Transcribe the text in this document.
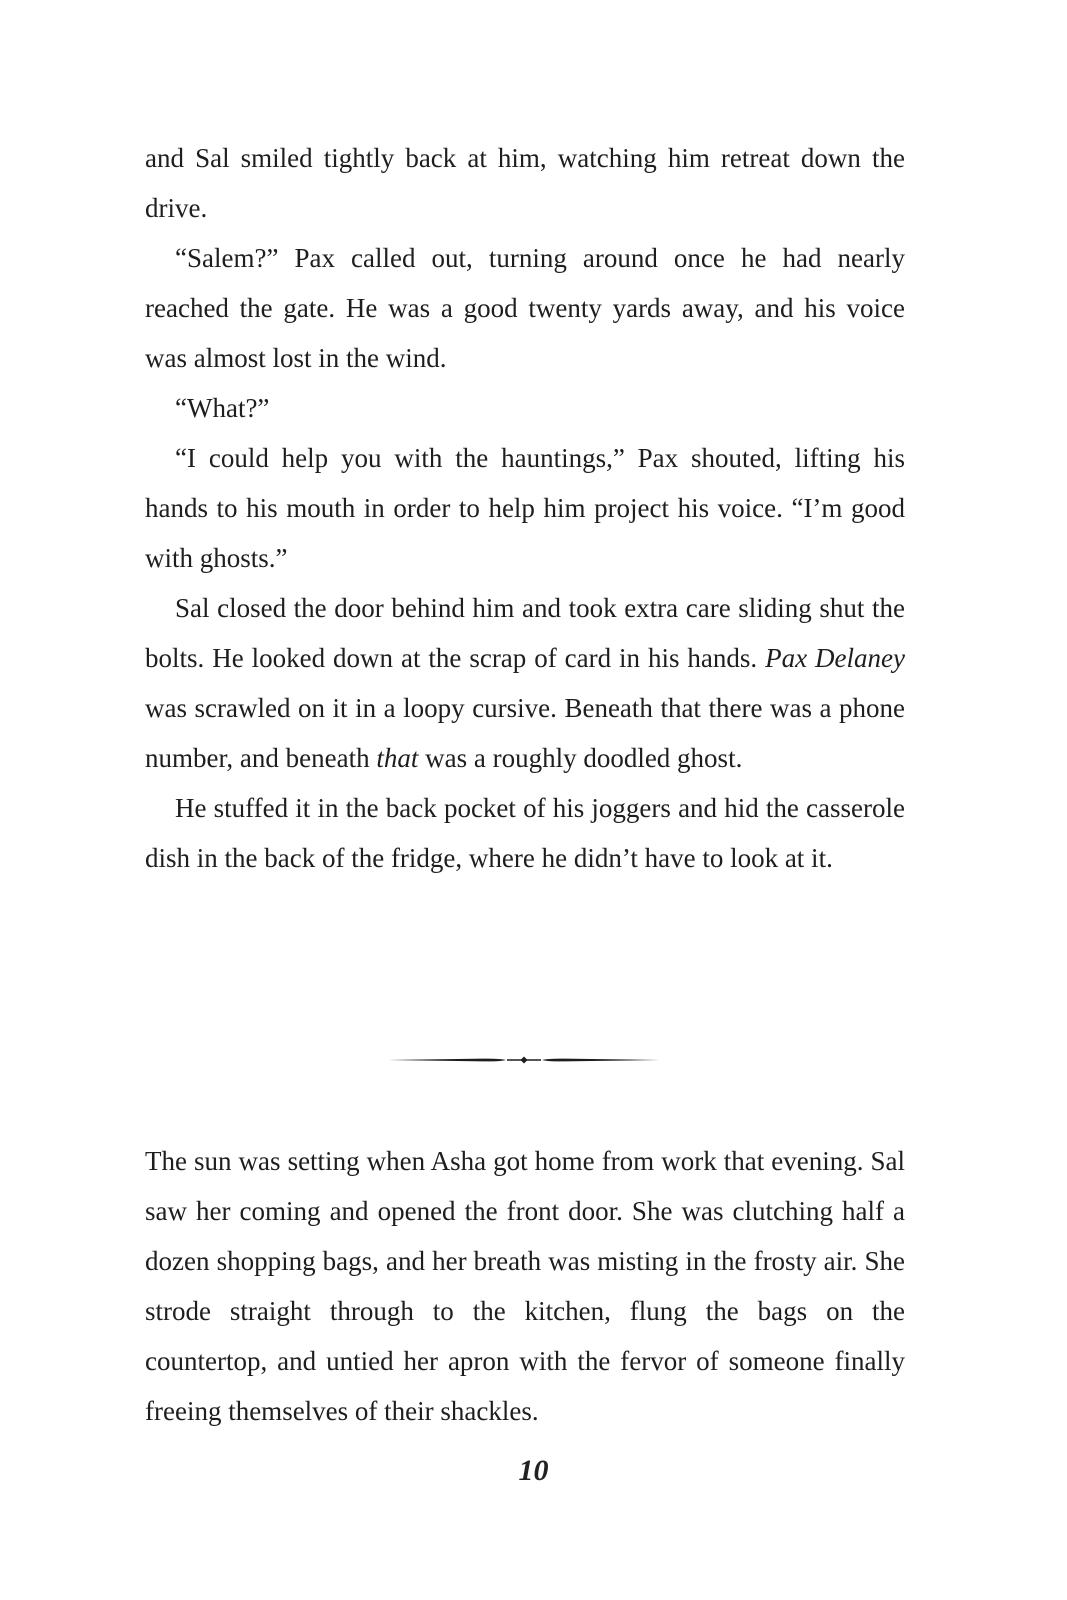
and Sal smiled tightly back at him, watching him retreat down the drive.

“Salem?” Pax called out, turning around once he had nearly reached the gate. He was a good twenty yards away, and his voice was almost lost in the wind.

“What?”

“I could help you with the hauntings,” Pax shouted, lifting his hands to his mouth in order to help him project his voice. “I’m good with ghosts.”

Sal closed the door behind him and took extra care sliding shut the bolts. He looked down at the scrap of card in his hands. Pax Delaney was scrawled on it in a loopy cursive. Beneath that there was a phone number, and beneath that was a roughly doodled ghost.

He stuffed it in the back pocket of his joggers and hid the casserole dish in the back of the fridge, where he didn’t have to look at it.

The sun was setting when Asha got home from work that evening. Sal saw her coming and opened the front door. She was clutching half a dozen shopping bags, and her breath was misting in the frosty air. She strode straight through to the kitchen, flung the bags on the countertop, and untied her apron with the fervor of someone finally freeing themselves of their shackles.

10
